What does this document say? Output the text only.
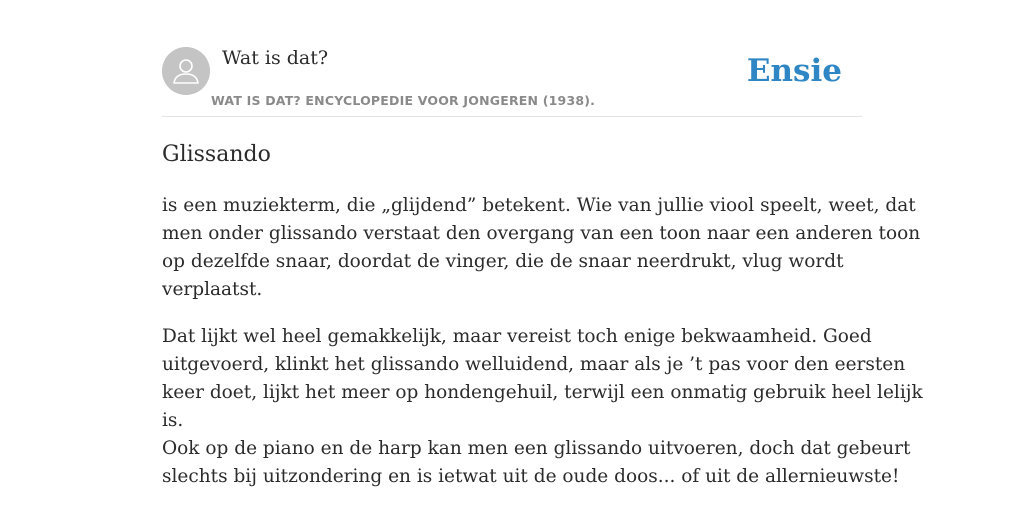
Wat is dat?
WAT IS DAT? ENCYCLOPEDIE VOOR JONGEREN (1938).
Ensie
Glissando

is een muziekterm, die „glijdend” betekent. Wie van jullie viool speelt, weet, dat
men onder glissando verstaat den overgang van een toon naar een anderen toon
op dezelfde snaar, doordat de vinger, die de snaar neerdrukt, vlug wordt
verplaatst.

Dat lijkt wel heel gemakkelijk, maar vereist toch enige bekwaamheid. Goed
uitgevoerd, klinkt het glissando welluidend, maar als je ’t pas voor den eersten
keer doet, lijkt het meer op hondengehuil, terwijl een onmatig gebruik heel lelijk
is.
Ook op de piano en de harp kan men een glissando uitvoeren, doch dat gebeurt
slechts bij uitzondering en is ietwat uit de oude doos... of uit de allernieuwste!
